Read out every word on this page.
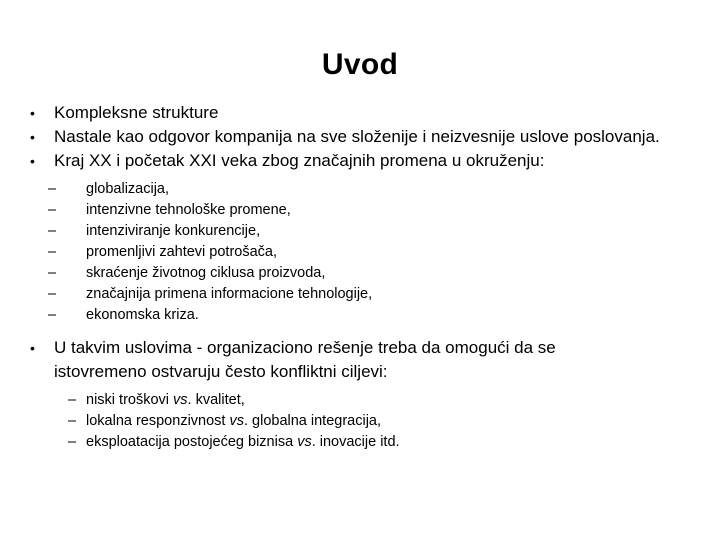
Uvod
• Kompleksne strukture
• Nastale kao odgovor kompanija na sve složenije i neizvesnije uslove poslovanja.
• Kraj XX i početak XXI veka zbog značajnih promena u okruženju:
– globalizacija,
– intenzivne tehnološke promene,
– intenziviranje konkurencije,
– promenljivi zahtevi potrošača,
– skraćenje životnog ciklusa proizvoda,
– značajnija primena informacione tehnologije,
– ekonomska kriza.
• U takvim uslovima - organizaciono rešenje treba da omogući da se
istovremeno ostvaruju često konfliktni ciljevi:
– niski troškovi vs. kvalitet,
– lokalna responzivnost vs. globalna integracija,
– eksploatacija postojećeg biznisa vs. inovacije itd.
